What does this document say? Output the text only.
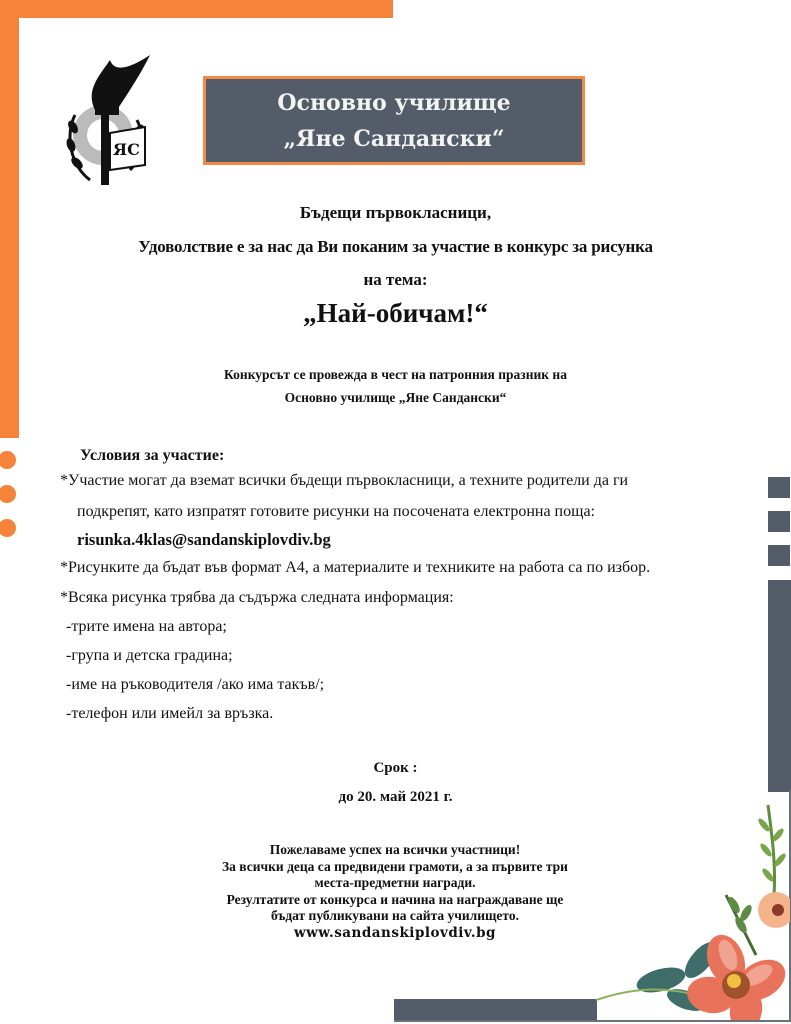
ЯС
Основно училище
„Яне Сандански“
Бъдещи първокласници,
Удоволствие е за нас да Ви поканим за участие в конкурс за рисунка
на тема:
„Най-обичам!“
Конкурсът се провежда в чест на патронния празник на
Основно училище „Яне Сандански“
Условия за участие:
*Участие могат да вземат всички бъдещи първокласници, а техните родители да ги
подкрепят, като изпратят готовите рисунки на посочената електронна поща:
risunka.4klas@sandanskiplovdiv.bg
*Рисунките да бъдат във формат А4, а материалите и техниките на работа са по избор.
*Всяка рисунка трябва да съдържа следната информация:
-трите имена на автора;
-група и детска градина;
-име на ръководителя /ако има такъв/;
-телефон или имейл за връзка.
Срок :
до 20. май 2021 г.
Пожелаваме успех на всички участници!
За всички деца са предвидени грамоти, а за първите три
места-предметни награди.
Резултатите от конкурса и начина на награждаване ще
бъдат публикувани на сайта училището.
www.sandanskiplovdiv.bg
